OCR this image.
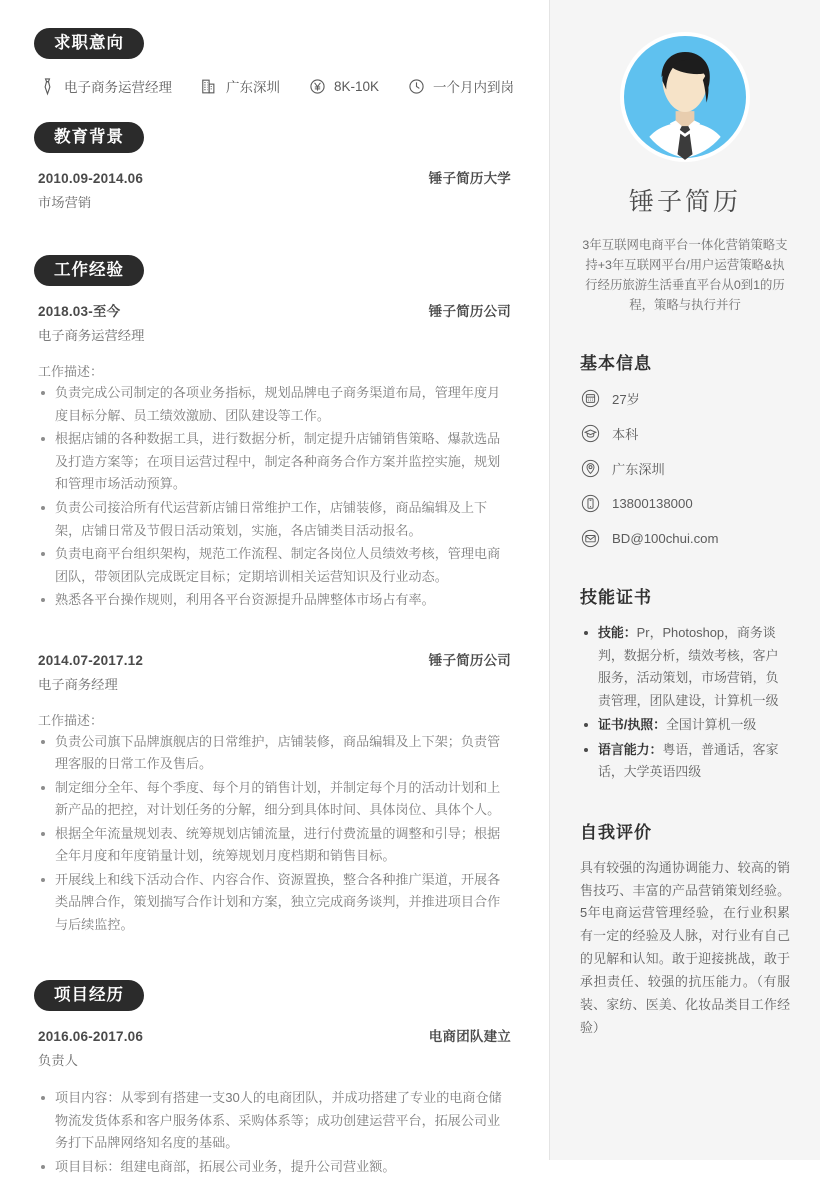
求职意向
电子商务运营经理	广东深圳	8K-10K	一个月内到岗
教育背景
2010.09-2014.06	锤子简历大学
市场营销
工作经验
2018.03-至今	锤子简历公司
电子商务运营经理
工作描述：
负责完成公司制定的各项业务指标，规划品牌电子商务渠道布局，管理年度月度目标分解、员工绩效激励、团队建设等工作。
根据店铺的各种数据工具，进行数据分析，制定提升店铺销售策略、爆款选品及打造方案等；在项目运营过程中，制定各种商务合作方案并监控实施，规划和管理市场活动预算。
负责公司接洽所有代运营新店铺日常维护工作，店铺装修，商品编辑及上下架，店铺日常及节假日活动策划，实施，各店铺类目活动报名。
负责电商平台组织架构，规范工作流程、制定各岗位人员绩效考核，管理电商团队，带领团队完成既定目标；定期培训相关运营知识及行业动态。
熟悉各平台操作规则，利用各平台资源提升品牌整体市场占有率。
2014.07-2017.12	锤子简历公司
电子商务经理
工作描述：
负责公司旗下品牌旗舰店的日常维护，店铺装修，商品编辑及上下架；负责管理客服的日常工作及售后。
制定细分全年、每个季度、每个月的销售计划，并制定每个月的活动计划和上新产品的把控，对计划任务的分解，细分到具体时间、具体岗位、具体个人。
根据全年流量规划表、统筹规划店铺流量，进行付费流量的调整和引导；根据全年月度和年度销量计划，统筹规划月度档期和销售目标。
开展线上和线下活动合作、内容合作、资源置换，整合各种推广渠道，开展各类品牌合作，策划揣写合作计划和方案，独立完成商务谈判，并推进项目合作与后续监控。
项目经历
2016.06-2017.06	电商团队建立
负责人
项目内容：从零到有搭建一支30人的电商团队，并成功搭建了专业的电商仓储物流发货体系和客户服务体系、采购体系等；成功创建运营平台，拓展公司业务打下品牌网络知名度的基础。
项目目标：组建电商部，拓展公司业务，提升公司营业额。
锤子简历
3年互联网电商平台一体化营销策略支持+3年互联网平台/用户运营策略&执行经历旅游生活垂直平台从0到1的历程，策略与执行并行
基本信息
27岁
本科
广东深圳
13800138000
BD@100chui.com
技能证书
技能：Pr，Photoshop，商务谈判，数据分析，绩效考核，客户服务，活动策划，市场营销，负责管理，团队建设，计算机一级
证书/执照：全国计算机一级
语言能力：粤语，普通话，客家话，大学英语四级
自我评价
具有较强的沟通协调能力、较高的销售技巧、丰富的产品营销策划经验。5年电商运营管理经验，在行业积累有一定的经验及人脉，对行业有自己的见解和认知。敢于迎接挑战，敢于承担责任、较强的抗压能力。（有服装、家纺、医美、化妆品类目工作经验）
